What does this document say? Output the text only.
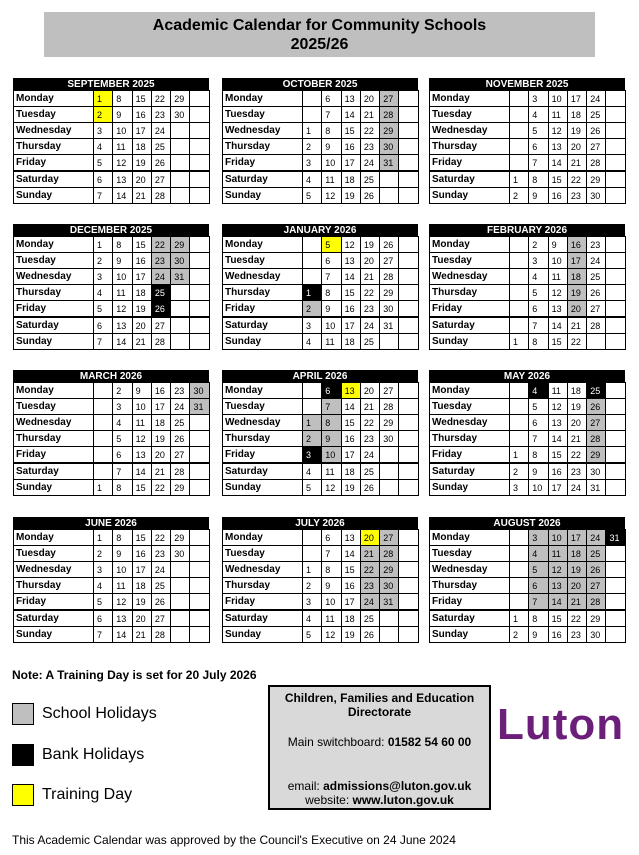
Academic Calendar for Community Schools
2025/26
SEPTEMBER 2025
Monday	1	8	15	22	29	
Tuesday	2	9	16	23	30	
Wednesday	3	10	17	24		
Thursday	4	11	18	25		
Friday	5	12	19	26		
Saturday	6	13	20	27		
Sunday	7	14	21	28		
OCTOBER 2025
Monday		6	13	20	27	
Tuesday		7	14	21	28	
Wednesday	1	8	15	22	29	
Thursday	2	9	16	23	30	
Friday	3	10	17	24	31	
Saturday	4	11	18	25		
Sunday	5	12	19	26		
NOVEMBER 2025
Monday		3	10	17	24	
Tuesday		4	11	18	25	
Wednesday		5	12	19	26	
Thursday		6	13	20	27	
Friday		7	14	21	28	
Saturday	1	8	15	22	29	
Sunday	2	9	16	23	30	
DECEMBER 2025
Monday	1	8	15	22	29	
Tuesday	2	9	16	23	30	
Wednesday	3	10	17	24	31	
Thursday	4	11	18	25		
Friday	5	12	19	26		
Saturday	6	13	20	27		
Sunday	7	14	21	28		
JANUARY 2026
Monday		5	12	19	26	
Tuesday		6	13	20	27	
Wednesday		7	14	21	28	
Thursday	1	8	15	22	29	
Friday	2	9	16	23	30	
Saturday	3	10	17	24	31	
Sunday	4	11	18	25		
FEBRUARY 2026
Monday		2	9	16	23	
Tuesday		3	10	17	24	
Wednesday		4	11	18	25	
Thursday		5	12	19	26	
Friday		6	13	20	27	
Saturday		7	14	21	28	
Sunday	1	8	15	22		
MARCH 2026
Monday		2	9	16	23	30
Tuesday		3	10	17	24	31
Wednesday		4	11	18	25	
Thursday		5	12	19	26	
Friday		6	13	20	27	
Saturday		7	14	21	28	
Sunday	1	8	15	22	29	
APRIL 2026
Monday		6	13	20	27	
Tuesday		7	14	21	28	
Wednesday	1	8	15	22	29	
Thursday	2	9	16	23	30	
Friday	3	10	17	24		
Saturday	4	11	18	25		
Sunday	5	12	19	26		
MAY 2026
Monday		4	11	18	25	
Tuesday		5	12	19	26	
Wednesday		6	13	20	27	
Thursday		7	14	21	28	
Friday	1	8	15	22	29	
Saturday	2	9	16	23	30	
Sunday	3	10	17	24	31	
JUNE 2026
Monday	1	8	15	22	29	
Tuesday	2	9	16	23	30	
Wednesday	3	10	17	24		
Thursday	4	11	18	25		
Friday	5	12	19	26		
Saturday	6	13	20	27		
Sunday	7	14	21	28		
JULY 2026
Monday		6	13	20	27	
Tuesday		7	14	21	28	
Wednesday	1	8	15	22	29	
Thursday	2	9	16	23	30	
Friday	3	10	17	24	31	
Saturday	4	11	18	25		
Sunday	5	12	19	26		
AUGUST 2026
Monday		3	10	17	24	31
Tuesday		4	11	18	25	
Wednesday		5	12	19	26	
Thursday		6	13	20	27	
Friday		7	14	21	28	
Saturday	1	8	15	22	29	
Sunday	2	9	16	23	30	
Note: A Training Day is set for 20 July 2026
School Holidays
Bank Holidays
Training Day
Children, Families and Education Directorate
Main switchboard: 01582 54 60 00
email: admissions@luton.gov.uk
website: www.luton.gov.uk
Luton
This Academic Calendar was approved by the Council's Executive on 24 June 2024
